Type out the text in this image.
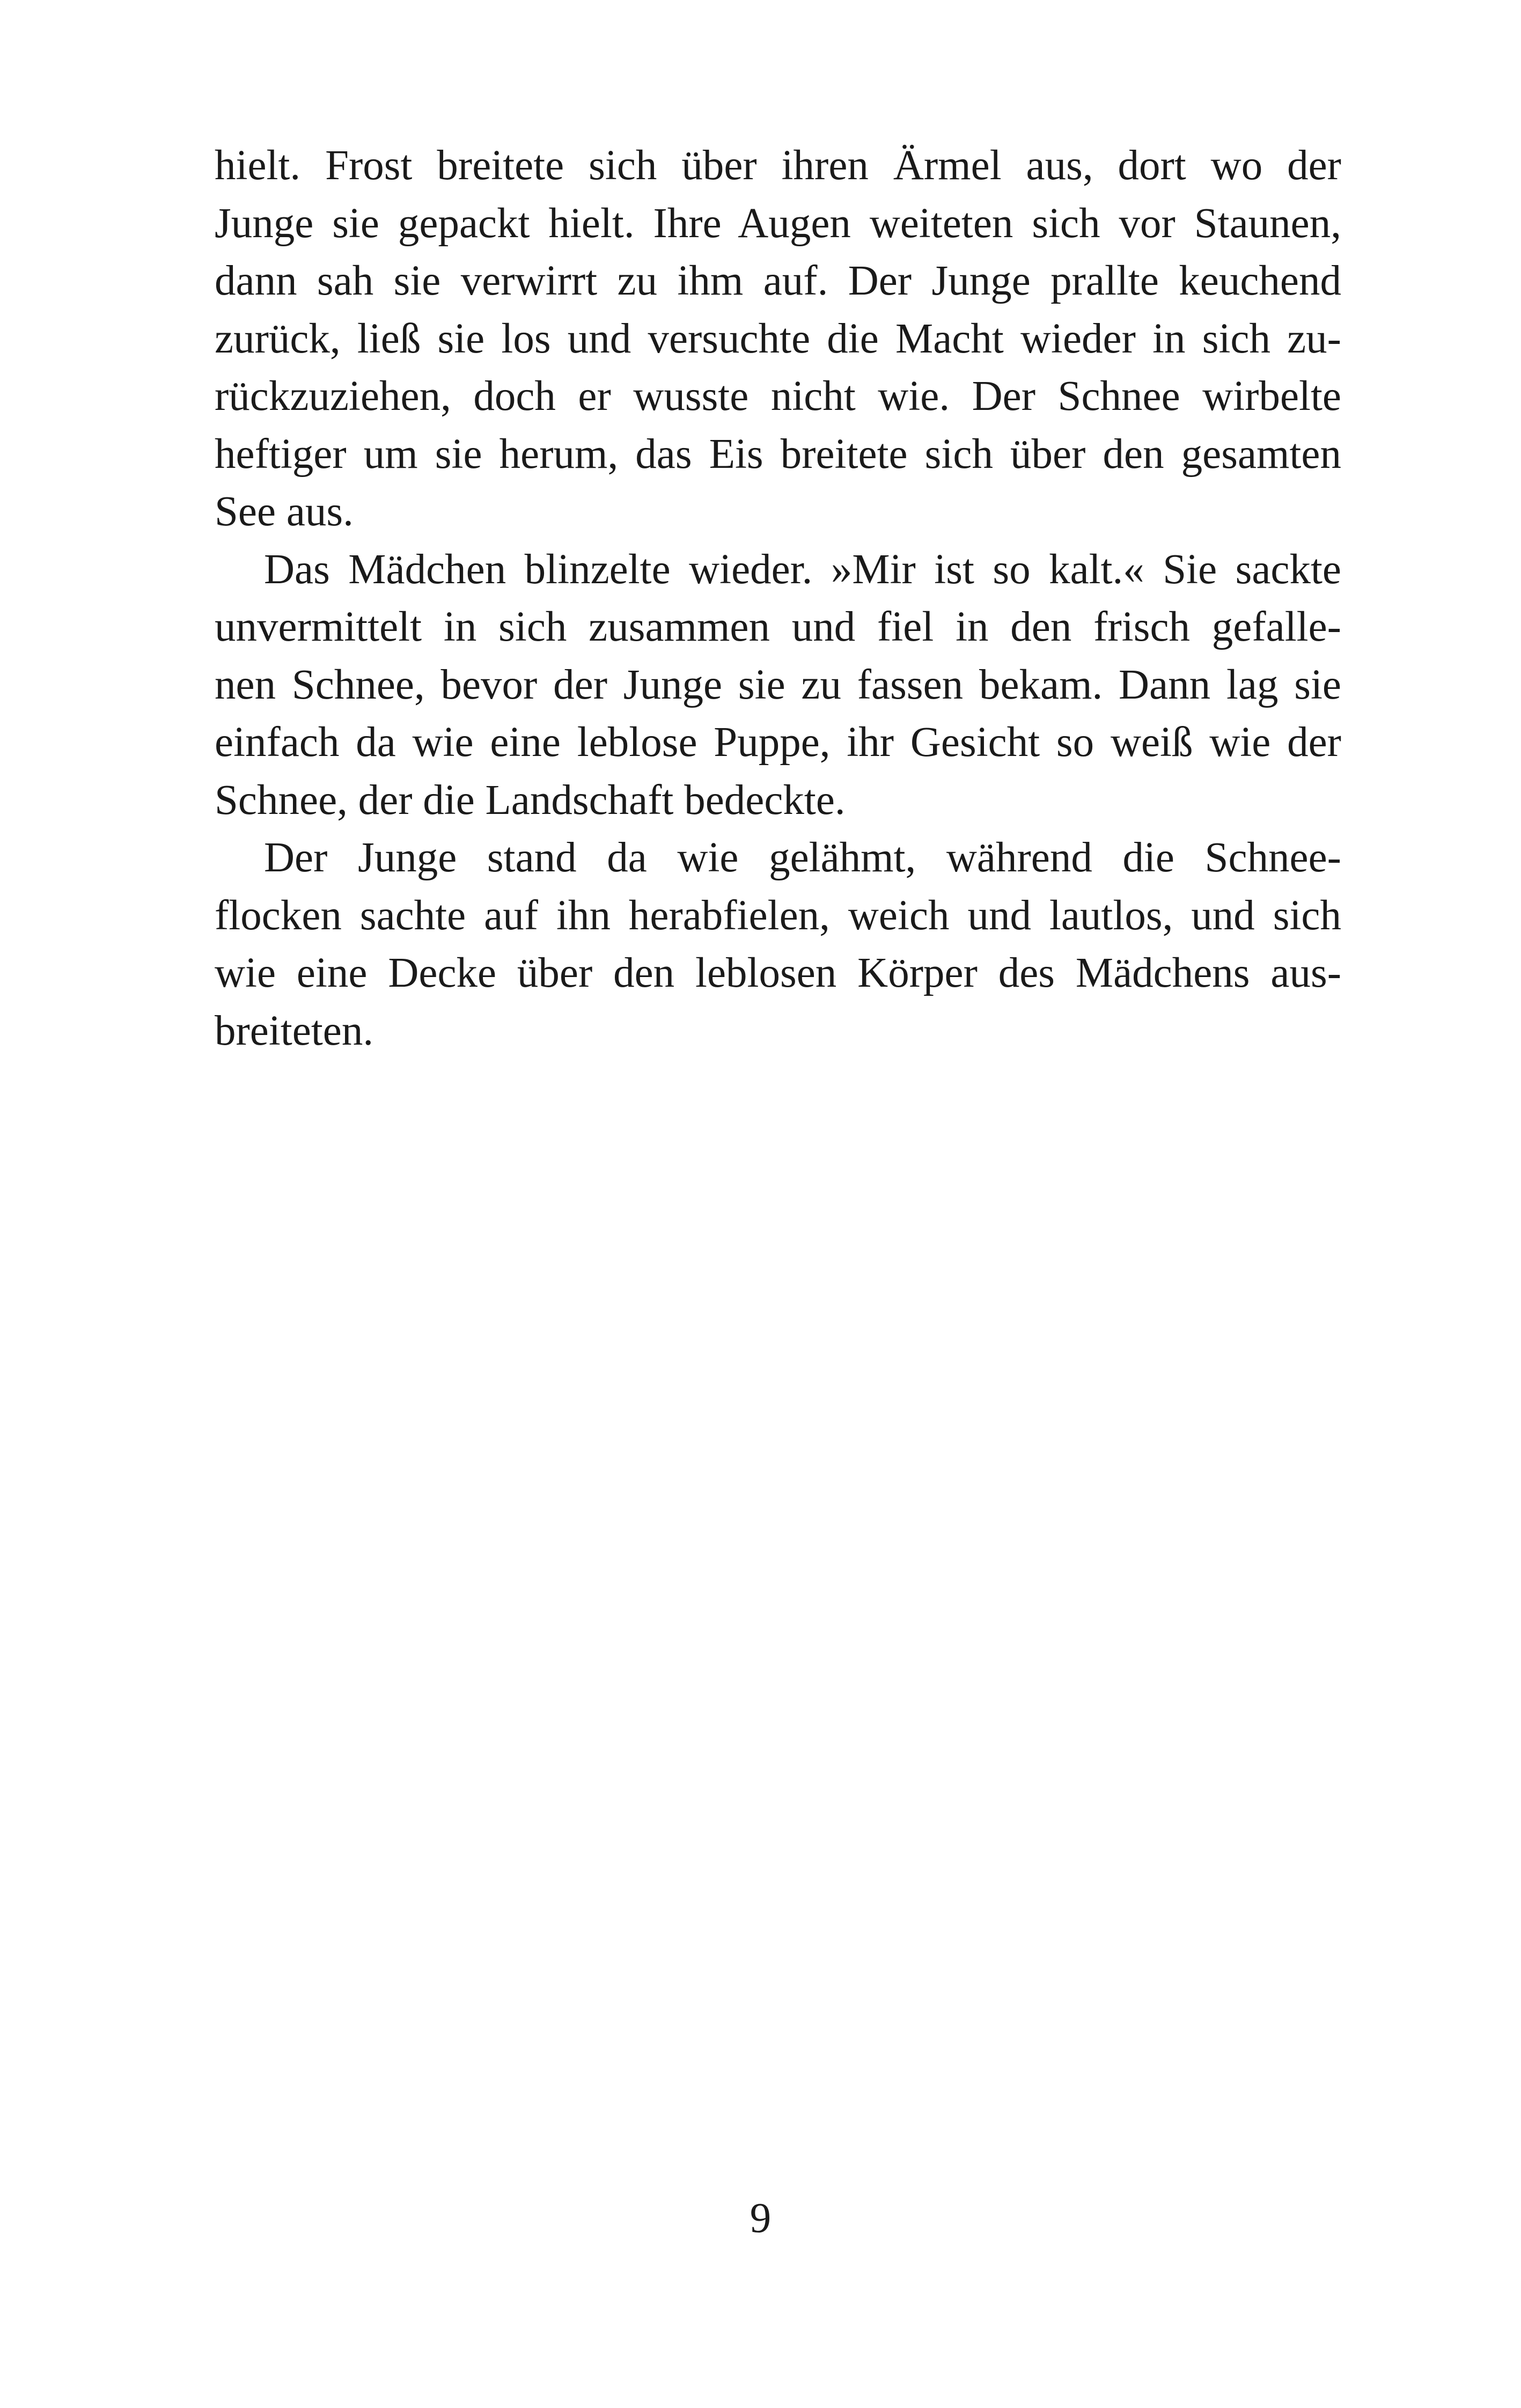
hielt. Frost breitete sich über ihren Ärmel aus, dort wo der
Junge sie gepackt hielt. Ihre Augen weiteten sich vor Staunen,
dann sah sie verwirrt zu ihm auf. Der Junge prallte keuchend
zurück, ließ sie los und versuchte die Macht wieder in sich zu-
rückzuziehen, doch er wusste nicht wie. Der Schnee wirbelte
heftiger um sie herum, das Eis breitete sich über den gesamten
See aus.
Das Mädchen blinzelte wieder. »Mir ist so kalt.« Sie sackte
unvermittelt in sich zusammen und fiel in den frisch gefalle-
nen Schnee, bevor der Junge sie zu fassen bekam. Dann lag sie
einfach da wie eine leblose Puppe, ihr Gesicht so weiß wie der
Schnee, der die Landschaft bedeckte.
Der Junge stand da wie gelähmt, während die Schnee-
flocken sachte auf ihn herabfielen, weich und lautlos, und sich
wie eine Decke über den leblosen Körper des Mädchens aus-
breiteten.
9
